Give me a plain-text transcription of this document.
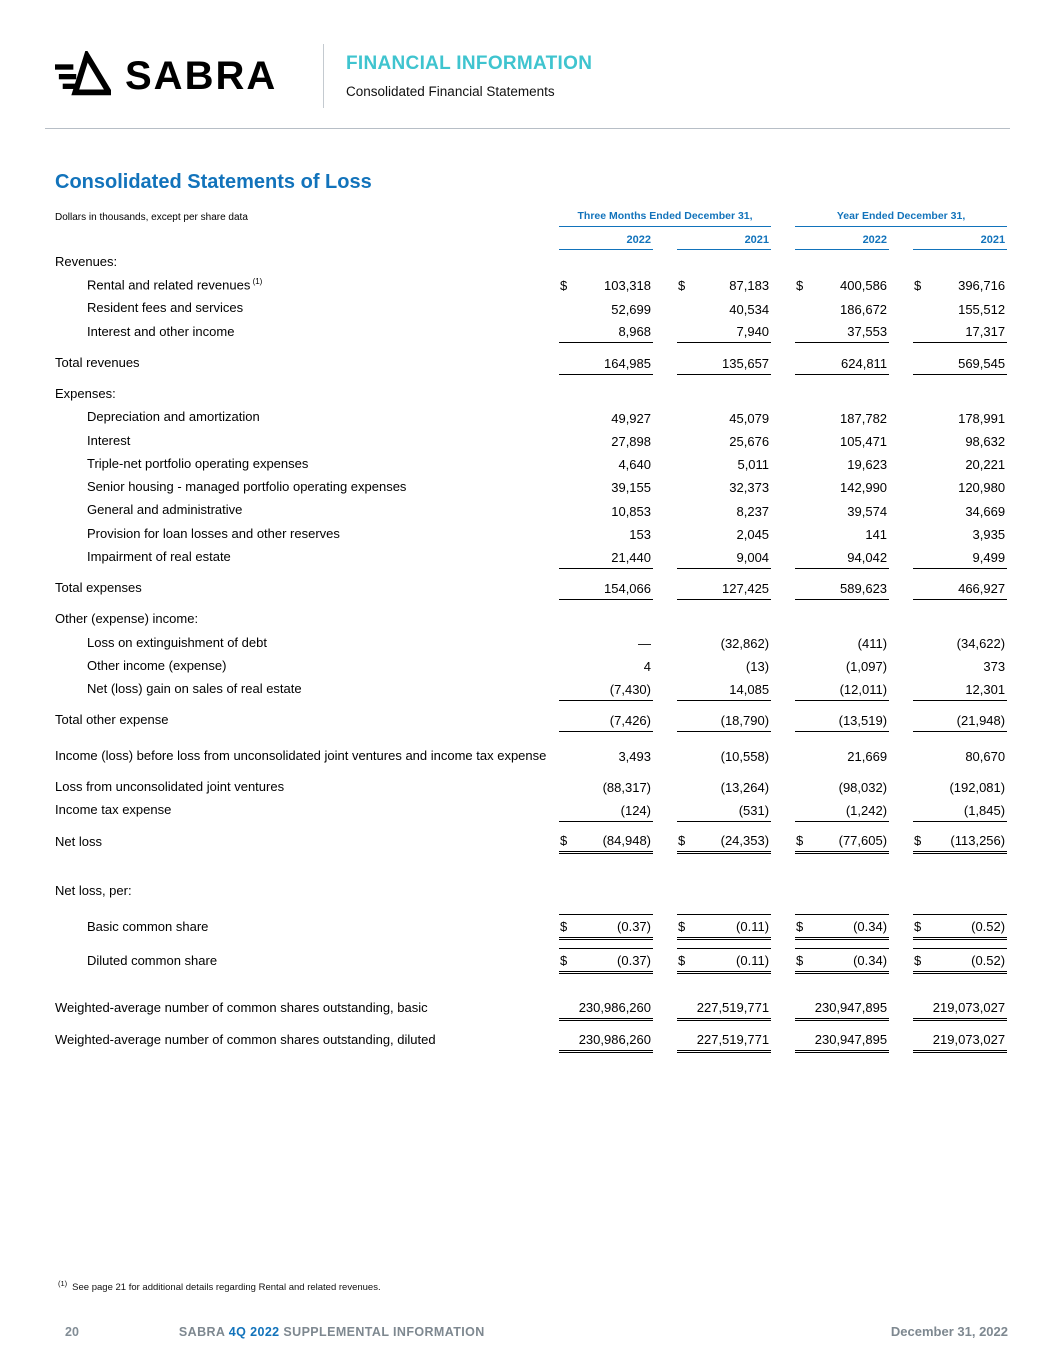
SABRA	FINANCIAL INFORMATION
Consolidated Financial Statements
Consolidated Statements of Loss
Dollars in thousands, except per share data	Three Months Ended December 31,						Year Ended December 31,				
	2022			2021			2022			2021	
Revenues:											
Rental and related revenues $^{(1)}$	$	103,318		$	87,183		$	400,586		$	396,716
Resident fees and services		52,699			40,534			186,672			155,512
Interest and other income		8,968			7,940			37,553			17,317

Total revenues		164,985			135,657			624,811			569,545

Expenses:											
Depreciation and amortization		49,927			45,079			187,782			178,991
Interest		27,898			25,676			105,471			98,632
Triple-net portfolio operating expenses		4,640			5,011			19,623			20,221
Senior housing - managed portfolio operating expenses		39,155			32,373			142,990			120,980
General and administrative		10,853			8,237			39,574			34,669
Provision for loan losses and other reserves		153			2,045			141			3,935
Impairment of real estate		21,440			9,004			94,042			9,499

Total expenses		154,066			127,425			589,623			466,927

Other (expense) income:											
Loss on extinguishment of debt		—			(32,862)			(411)			(34,622)
Other income (expense)		4			(13)			(1,097)			373
Net (loss) gain on sales of real estate		(7,430)			14,085			(12,011)			12,301

Total other expense		(7,426)			(18,790)			(13,519)			(21,948)

Income (loss) before loss from unconsolidated joint ventures and income tax expense		3,493			(10,558)			21,669			80,670

Loss from unconsolidated joint ventures		(88,317)			(13,264)			(98,032)			(192,081)
Income tax expense		(124)			(531)			(1,242)			(1,845)

Net loss	$	(84,948)		$	(24,353)		$	(77,605)		$	(113,256)

Net loss, per:											

Basic common share	$	(0.37)		$	(0.11)		$	(0.34)		$	(0.52)

Diluted common share	$	(0.37)		$	(0.11)		$	(0.34)		$	(0.52)

Weighted-average number of common shares outstanding, basic		230,986,260			227,519,771			230,947,895			219,073,027

Weighted-average number of common shares outstanding, diluted		230,986,260			227,519,771			230,947,895			219,073,027
$^{(1)}$ See page 21 for additional details regarding Rental and related revenues.
20	SABRA 4Q 2022 SUPPLEMENTAL INFORMATION	December 31, 2022
